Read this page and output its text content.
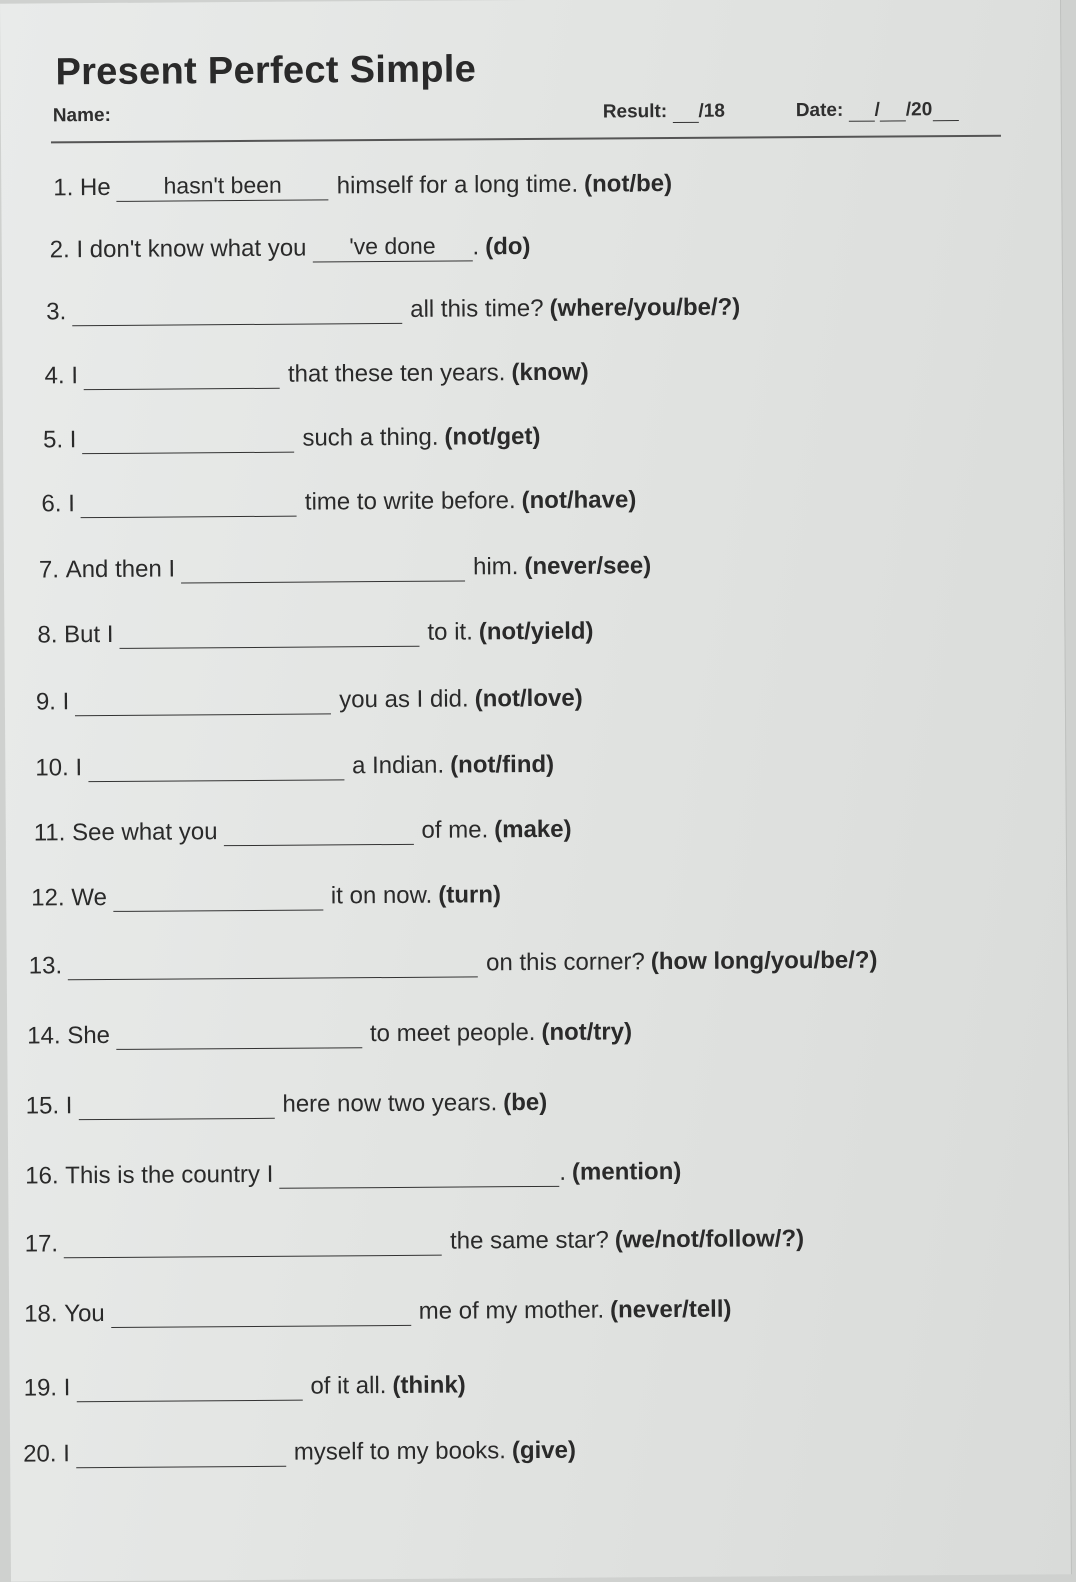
Present Perfect Simple
Name:	Result: /18	Date: / /20
1.
He	hasn't been	himself for a long time. (not/be)
2.
I don't know what you	've done	. (do)
3.	all this time? (where/you/be/?)
4.
I	that these ten years. (know)
5.
I	such a thing. (not/get)
6.
I	time to write before. (not/have)
7.
And then I	him. (never/see)
8.
But I	to it. (not/yield)
9.
I	you as I did. (not/love)
10.
I	a Indian. (not/find)
11.
See what you	of me. (make)
12.
We	it on now. (turn)
13.	on this corner? (how long/you/be/?)
14.
She	to meet people. (not/try)
15.
I	here now two years. (be)
16.
This is the country I	. (mention)
17.	the same star? (we/not/follow/?)
18.
You	me of my mother. (never/tell)
19.
I	of it all. (think)
20.
I	myself to my books. (give)
